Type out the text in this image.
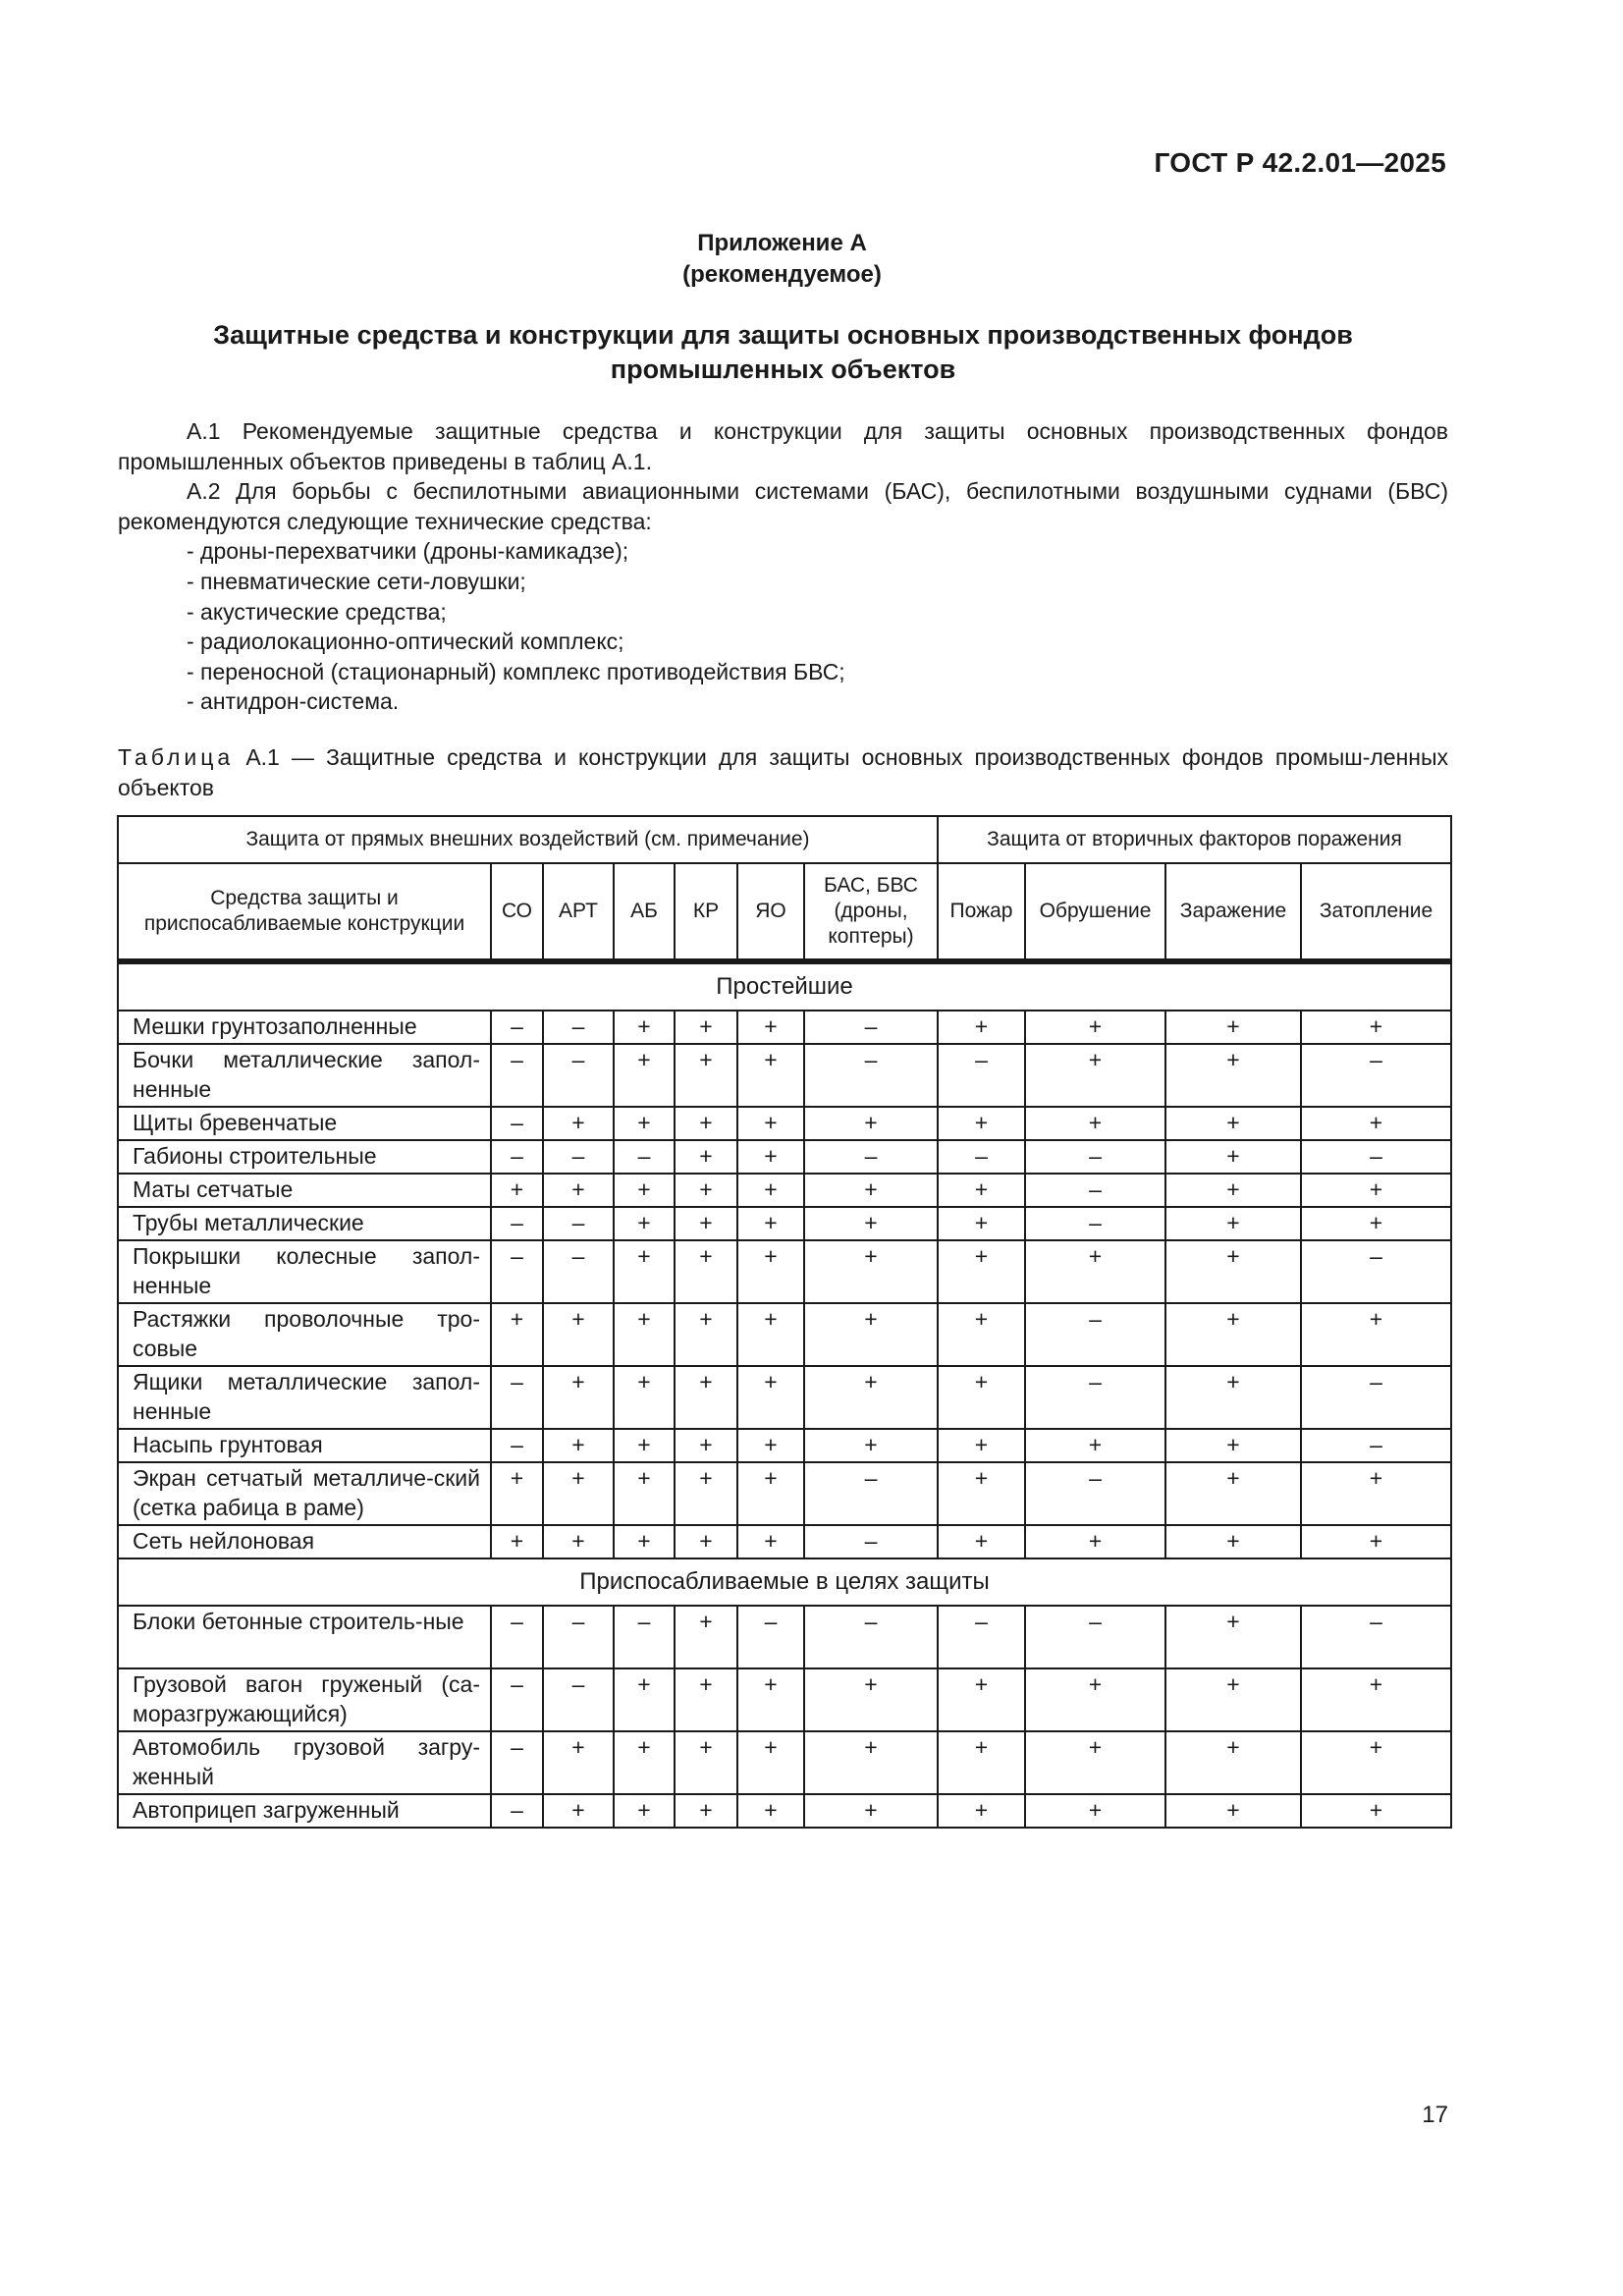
ГОСТ Р 42.2.01—2025
Приложение А
(рекомендуемое)
Защитные средства и конструкции для защиты основных производственных фондов
промышленных объектов

А.1 Рекомендуемые защитные средства и конструкции для защиты основных производственных фондов промышленных объектов приведены в таблиц А.1.

А.2 Для борьбы с беспилотными авиационными системами (БАС), беспилотными воздушными суднами (БВС) рекомендуются следующие технические средства:

- дроны-перехватчики (дроны-камикадзе);
- пневматические сети-ловушки;
- акустические средства;
- радиолокационно-оптический комплекс;
- переносной (стационарный) комплекс противодействия БВС;
- антидрон-система.
Таблица А.1 — Защитные средства и конструкции для защиты основных производственных фондов промыш-ленных объектов
Защита от прямых внешних воздействий (см. примечание)							Защита от вторичных факторов поражения			
Средства защиты и приспосабливаемые конструкции	СО	АРТ	АБ	КР	ЯО	БАС, БВС (дроны, коптеры)	Пожар	Обрушение	Заражение	Затопление
Простейшие										
Мешки грунтозаполненные	–	–	+	+	+	–	+	+	+	+
Бочки металлические запол-ненные	–	–	+	+	+	–	–	+	+	–
Щиты бревенчатые	–	+	+	+	+	+	+	+	+	+
Габионы строительные	–	–	–	+	+	–	–	–	+	–
Маты сетчатые	+	+	+	+	+	+	+	–	+	+
Трубы металлические	–	–	+	+	+	+	+	–	+	+
Покрышки колесные запол-ненные	–	–	+	+	+	+	+	+	+	–
Растяжки проволочные тро-совые	+	+	+	+	+	+	+	–	+	+
Ящики металлические запол-ненные	–	+	+	+	+	+	+	–	+	–
Насыпь грунтовая	–	+	+	+	+	+	+	+	+	–
Экран сетчатый металличе-ский (сетка рабица в раме)	+	+	+	+	+	–	+	–	+	+
Сеть нейлоновая	+	+	+	+	+	–	+	+	+	+
Приспосабливаемые в целях защиты										
Блоки бетонные строитель-ные	–	–	–	+	–	–	–	–	+	–
Грузовой вагон груженый (са-моразгружающийся)	–	–	+	+	+	+	+	+	+	+
Автомобиль грузовой загру-женный	–	+	+	+	+	+	+	+	+	+
Автоприцеп загруженный	–	+	+	+	+	+	+	+	+	+
17
